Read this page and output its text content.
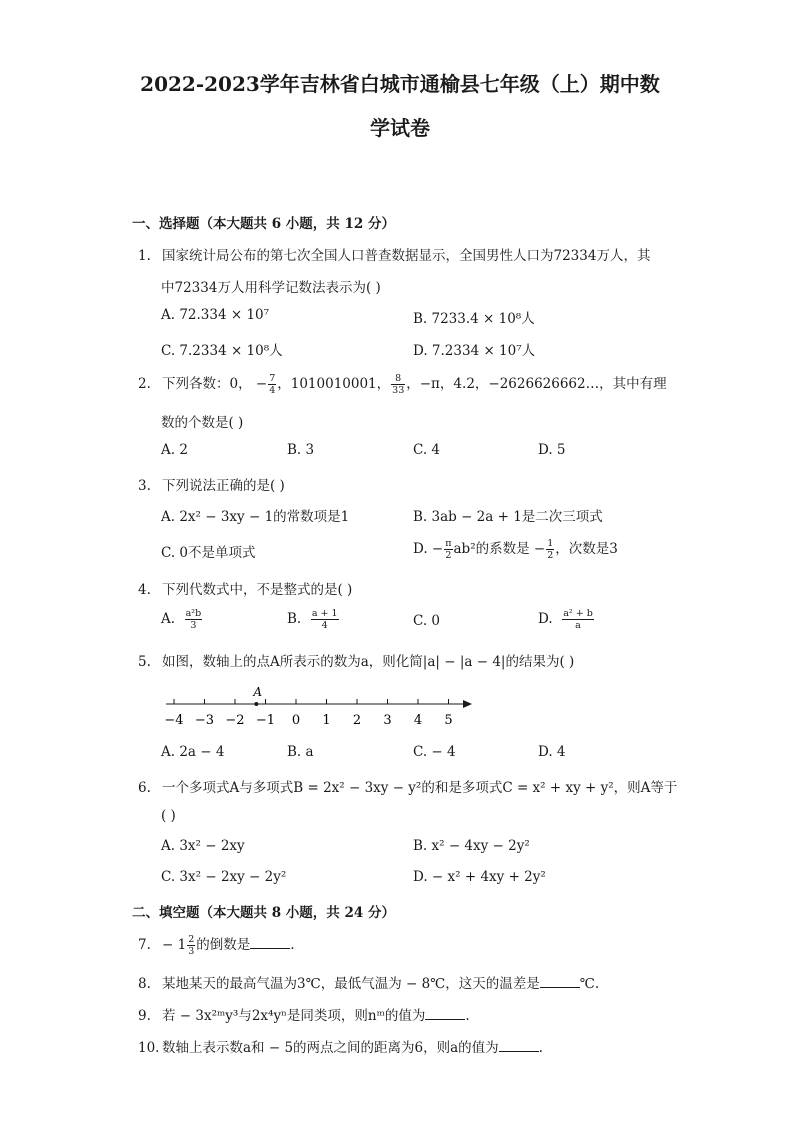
2022-2023学年吉林省白城市通榆县七年级（上）期中数
学试卷
一、选择题（本大题共 6 小题，共 12 分）
1. 国家统计局公布的第七次全国人口普查数据显示，全国男性人口为72334万人，其
中72334万人用科学记数法表示为( )
A. 72.334 × 10⁷	B. 7233.4 × 10⁸人
C. 7.2334 × 10⁸人	D. 7.2334 × 10⁷人
2. 下列各数：0， − $\frac{7}{4}$ ，1010010001， $\frac{8}{33}$ ，−π，4.2，−2626626662…，其中有理
数的个数是( )
A. 2	B. 3	C. 4	D. 5
3. 下列说法正确的是( )
A. 2x² − 3xy − 1的常数项是1	B. 3ab − 2a + 1是二次三项式
C. 0不是单项式	D. − $\frac{\pi}{2} ab^2$的系数是 − $\frac{1}{2}$ ，次数是3
4. 下列代数式中，不是整式的是( )
A. $\frac{\text{a²b}}{3}$	B. $\frac{a + 1}{4}$	C. 0	D. $\frac{\text{a² + b}}{a}$
5. 如图，数轴上的点A所表示的数为a，则化简|a| − |a − 4|的结果为( )
−4 −3 −2 −1 0 1 2 3 4 5
A
A. 2a − 4	B. a	C. − 4	D. 4
6. 一个多项式A与多项式B = 2x² − 3xy − y²的和是多项式C = x² + xy + y²，则A等于
( )
A. 3x² − 2xy	B. x² − 4xy − 2y²
C. 3x² − 2xy − 2y²	D. − x² + 4xy + 2y²
二、填空题（本大题共 8 小题，共 24 分）
7. − $1 \frac{2}{3}$ 的倒数是	.
8. 某地某天的最高气温为3℃，最低气温为 − 8℃，这天的温差是	℃.
9. 若 − 3x²ᵐy³与2x⁴yⁿ是同类项，则nᵐ的值为	.
10. 数轴上表示数a和 − 5的两点之间的距离为6，则a的值为	.
